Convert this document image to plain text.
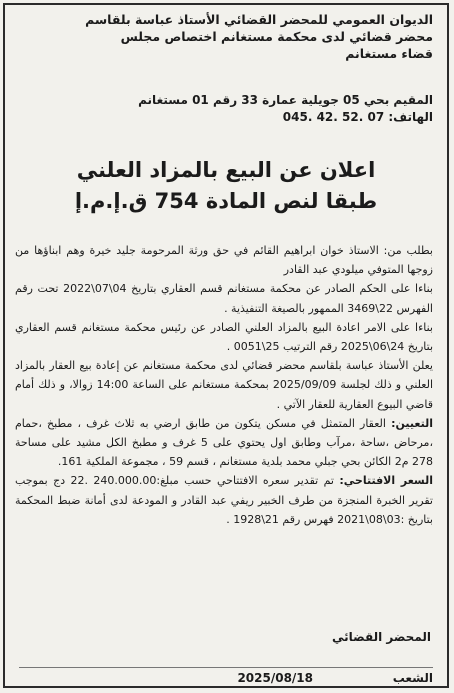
الديوان العمومي للمحضر القضائي الأستاذ عباسة بلقاسم
محضر قضائي لدى محكمة مستغانم اختصاص مجلس
قضاء مستغانم
المقيم بحي 05 جويلية عمارة 33 رقم 01 مستغانم
الهاتف: 07 .52 .42 .045
اعلان عن البيع بالمزاد العلني
طبقا لنص المادة 754 ق.إ.م.إ

بطلب من: الاستاذ خوان ابراهيم القائم في حق ورثة المرحومة جليد خيرة وهم ابناؤها من زوجها المتوفي ميلودي عبد القادر

بناءا على الحكم الصادر عن محكمة مستغانم قسم العقاري بتاريخ 04\07\2022 تحت رقم الفهرس 22\3469 الممهور بالصيغة التنفيذية .

بناءا على الامر اعادة البيع بالمزاد العلني الصادر عن رئيس محكمة مستغانم قسم العقاري بتاريخ 24\06\2025 رقم الترتيب 25\0051 .

يعلن الأستاذ عباسة بلقاسم محضر قضائي لدى محكمة مستغانم عن إعادة بيع العقار بالمزاد العلني و ذلك لجلسة 2025/09/09 بمحكمة مستغانم على الساعة 14:00 زوالا، و ذلك أمام قاضي البيوع العقارية للعقار الآتي .

التعيين: العقار المتمثل في مسكن يتكون من طابق ارضي به ثلاث غرف ، مطبخ ،حمام ،مرحاض ،ساحة ،مرآب وطابق اول يحتوي على 5 غرف و مطبخ الكل مشيد على مساحة 278 م2 الكائن بحي جبلي محمد بلدية مستغانم ، قسم 59 ، مجموعة الملكية 161.

السعر الافتتاحي: تم تقدير سعره الافتتاحي حسب مبلغ:240.000.00 .22 دج بموجب تقرير الخبرة المنجزة من طرف الخبير ريفي عبد القادر و المودعة لدى أمانة ضبط المحكمة بتاريخ :03\08\2021 فهرس رقم 21\1928 .

المحضر القضائي
الشعب
2025/08/18
